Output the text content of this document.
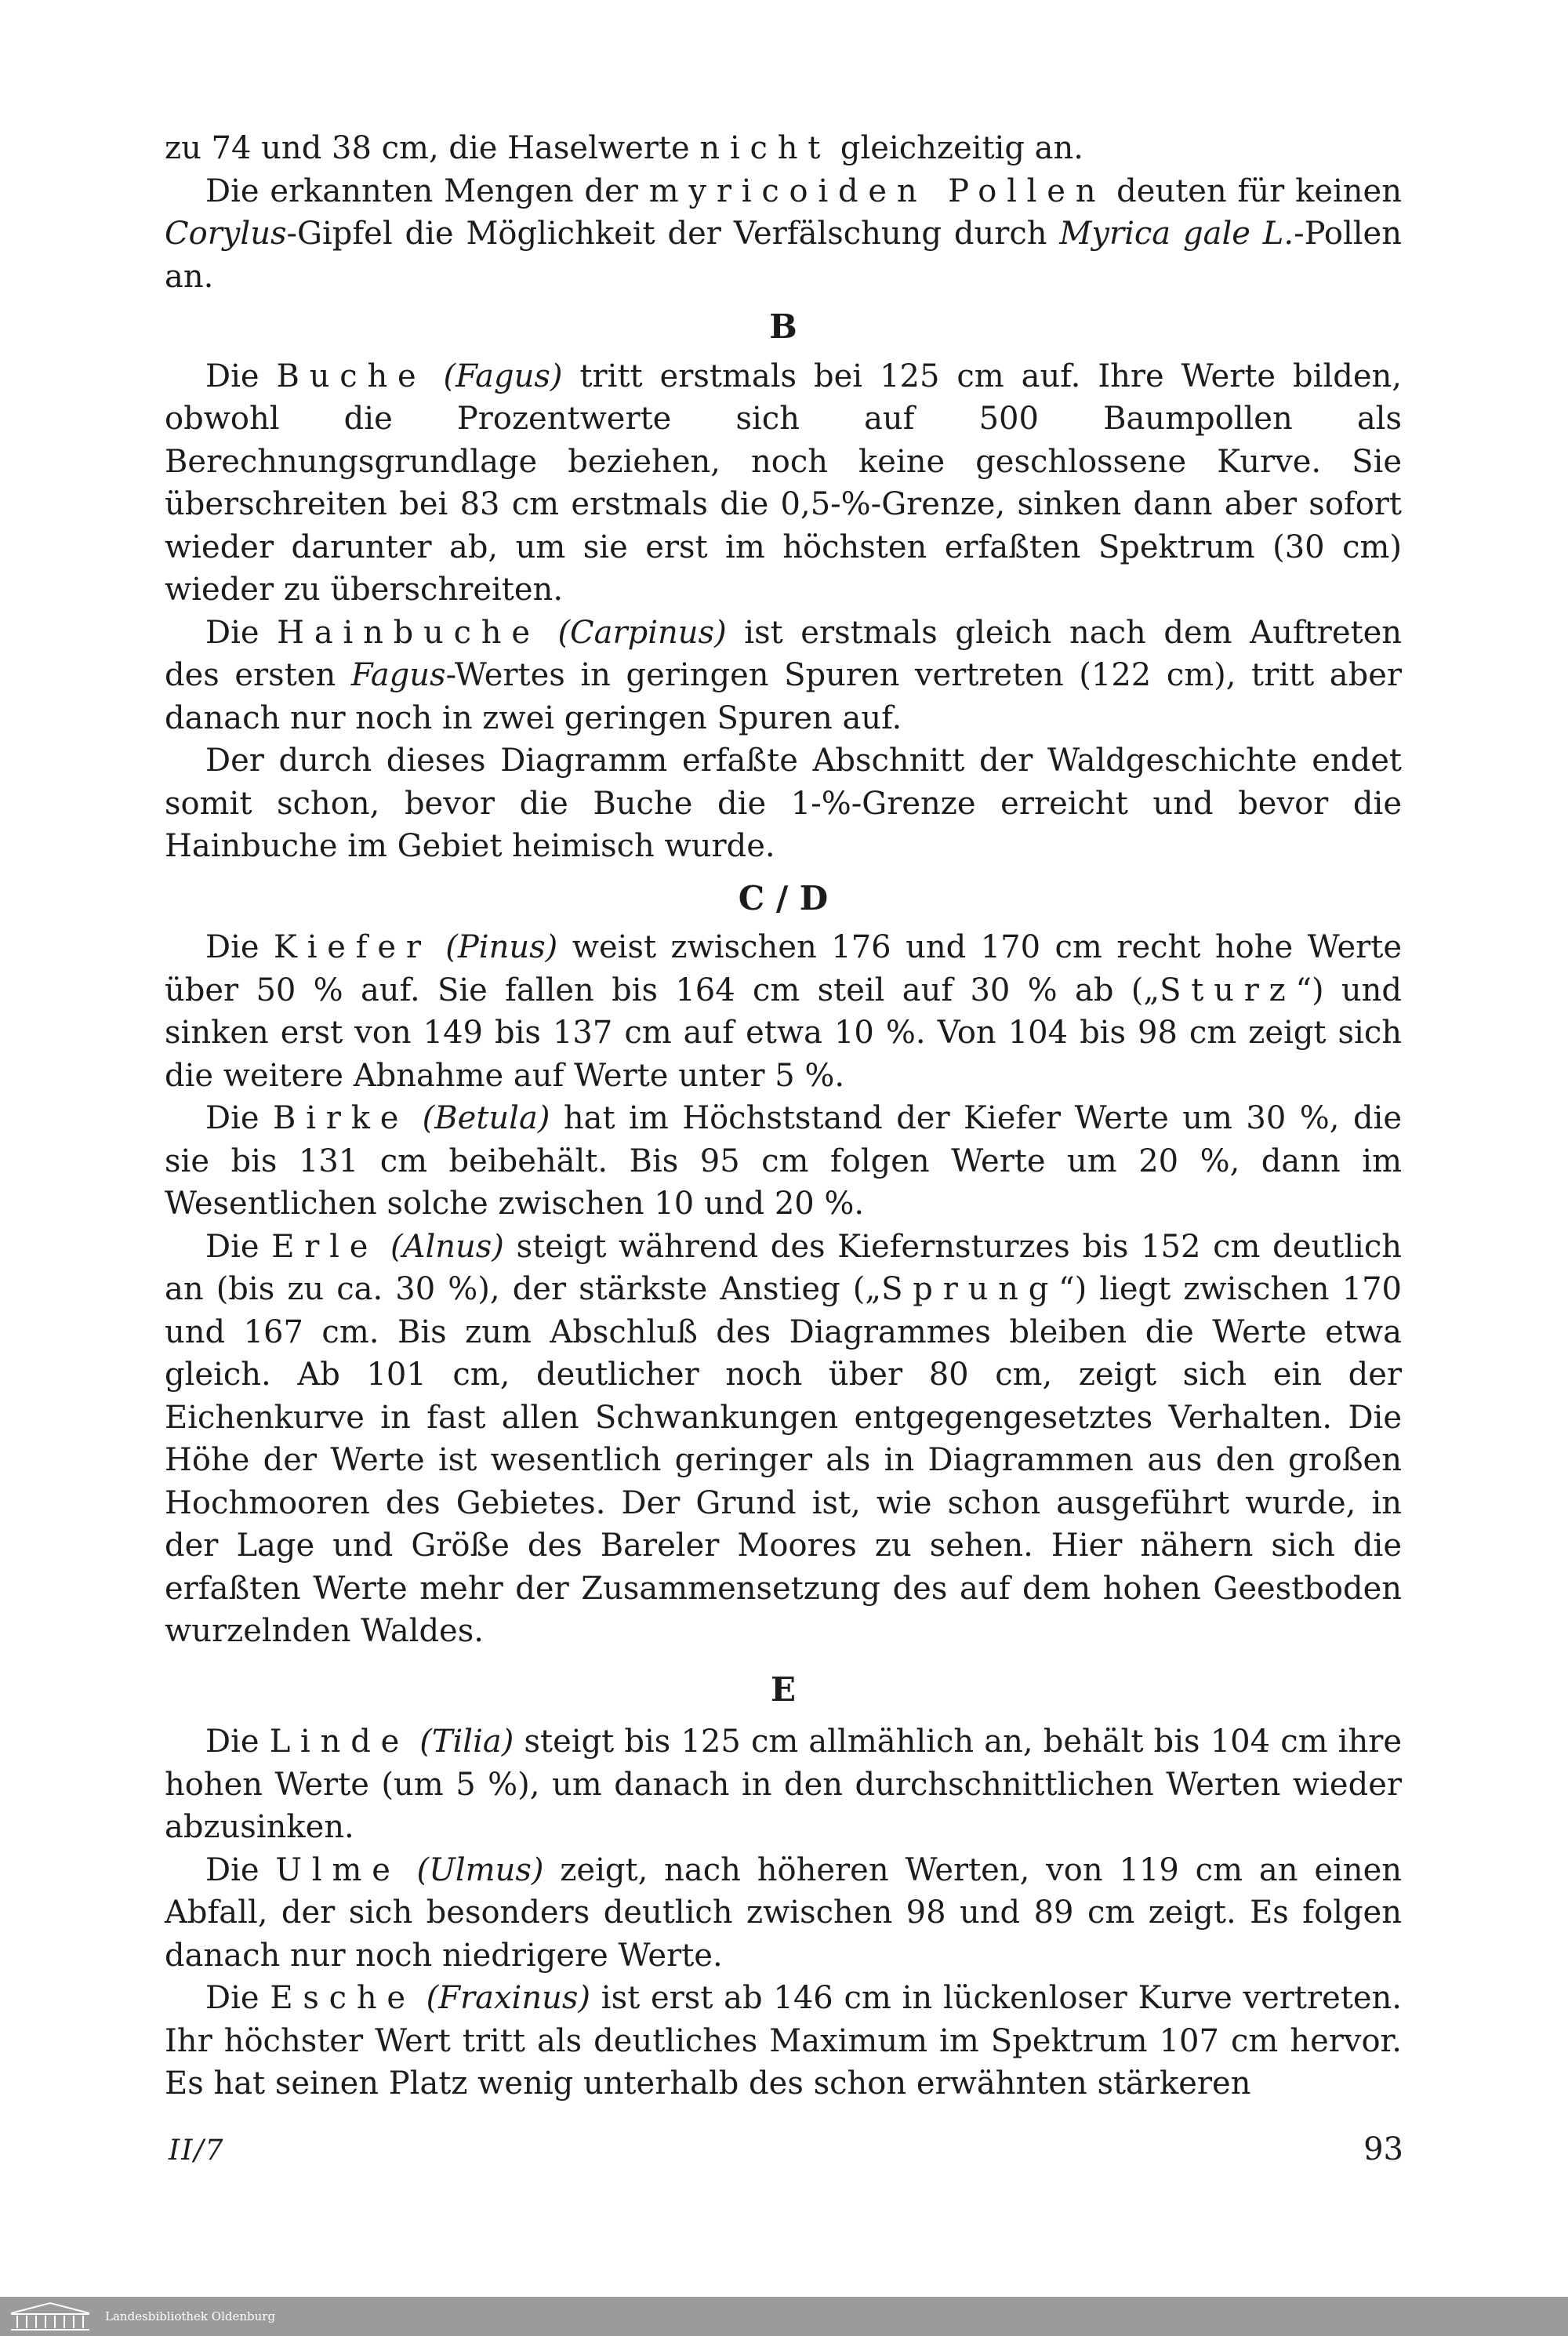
zu 74 und 38 cm, die Haselwerte nicht gleichzeitig an.

Die erkannten Mengen der myricoiden Pollen deuten für keinen Corylus-Gipfel die Möglichkeit der Verfälschung durch Myrica gale L.-Pollen an.

B

Die Buche (Fagus) tritt erstmals bei 125 cm auf. Ihre Werte bilden, obwohl die Prozentwerte sich auf 500 Baumpollen als Berechnungsgrundlage beziehen, noch keine geschlossene Kurve. Sie überschreiten bei 83 cm erstmals die 0,5-%-Grenze, sinken dann aber sofort wieder darunter ab, um sie erst im höchsten erfaßten Spektrum (30 cm) wieder zu überschreiten.

Die Hainbuche (Carpinus) ist erstmals gleich nach dem Auftreten des ersten Fagus-Wertes in geringen Spuren vertreten (122 cm), tritt aber danach nur noch in zwei geringen Spuren auf.

Der durch dieses Diagramm erfaßte Abschnitt der Waldgeschichte endet somit schon, bevor die Buche die 1-%-Grenze erreicht und bevor die Hainbuche im Gebiet heimisch wurde.

C / D

Die Kiefer (Pinus) weist zwischen 176 und 170 cm recht hohe Werte über 50 % auf. Sie fallen bis 164 cm steil auf 30 % ab („Sturz“) und sinken erst von 149 bis 137 cm auf etwa 10 %. Von 104 bis 98 cm zeigt sich die weitere Abnahme auf Werte unter 5 %.

Die Birke (Betula) hat im Höchststand der Kiefer Werte um 30 %, die sie bis 131 cm beibehält. Bis 95 cm folgen Werte um 20 %, dann im Wesentlichen solche zwischen 10 und 20 %.

Die Erle (Alnus) steigt während des Kiefernsturzes bis 152 cm deutlich an (bis zu ca. 30 %), der stärkste Anstieg („Sprung“) liegt zwischen 170 und 167 cm. Bis zum Abschluß des Diagrammes bleiben die Werte etwa gleich. Ab 101 cm, deutlicher noch über 80 cm, zeigt sich ein der Eichenkurve in fast allen Schwankungen entgegengesetztes Verhalten. Die Höhe der Werte ist wesentlich geringer als in Diagrammen aus den großen Hochmooren des Gebietes. Der Grund ist, wie schon ausgeführt wurde, in der Lage und Größe des Bareler Moores zu sehen. Hier nähern sich die erfaßten Werte mehr der Zusammensetzung des auf dem hohen Geestboden wurzelnden Waldes.

E

Die Linde (Tilia) steigt bis 125 cm allmählich an, behält bis 104 cm ihre hohen Werte (um 5 %), um danach in den durchschnittlichen Werten wieder abzusinken.

Die Ulme (Ulmus) zeigt, nach höheren Werten, von 119 cm an einen Abfall, der sich besonders deutlich zwischen 98 und 89 cm zeigt. Es folgen danach nur noch niedrigere Werte.

Die Esche (Fraxinus) ist erst ab 146 cm in lückenloser Kurve vertreten. Ihr höchster Wert tritt als deutliches Maximum im Spektrum 107 cm hervor. Es hat seinen Platz wenig unterhalb des schon erwähnten stärkeren

II/7	93
Landesbibliothek Oldenburg
